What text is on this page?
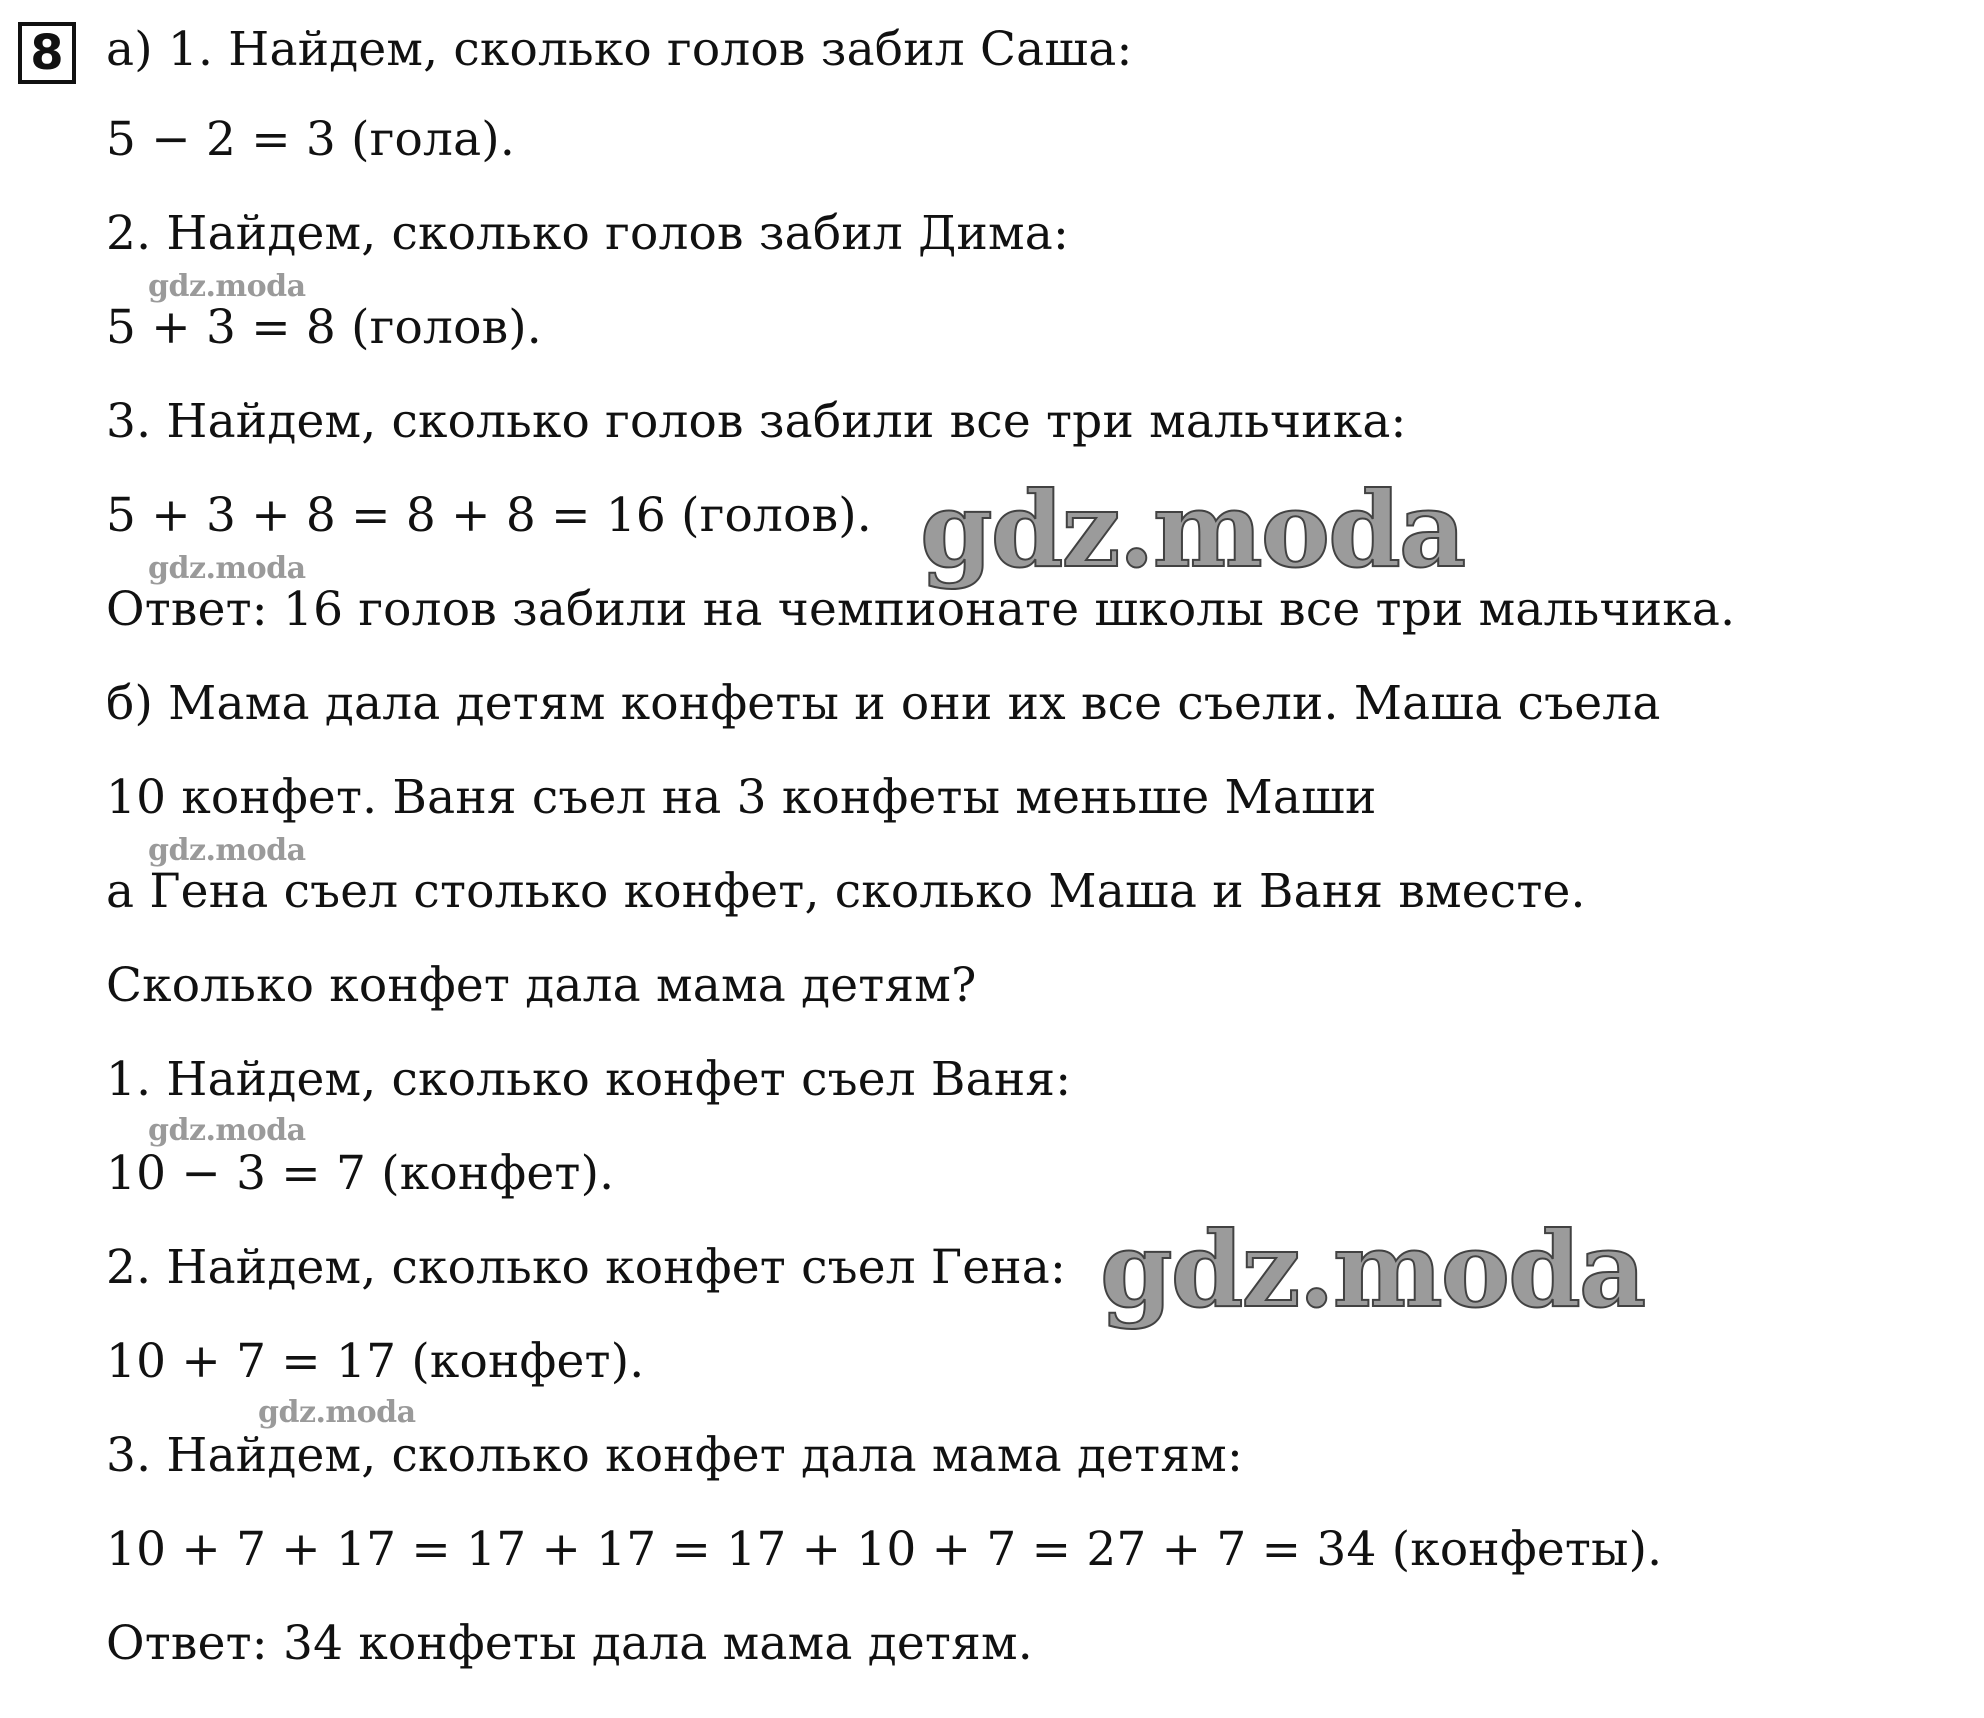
8 а) 1. Найдем, сколько голов забил Саша:
5 − 2 = 3 (гола).
2. Найдем, сколько голов забил Дима:
5 + 3 = 8 (голов).
3. Найдем, сколько голов забили все три мальчика:
5 + 3 + 8 = 8 + 8 = 16 (голов).
Ответ: 16 голов забили на чемпионате школы все три мальчика.
б) Мама дала детям конфеты и они их все съели. Маша съела
10 конфет. Ваня съел на 3 конфеты меньше Маши
а Гена съел столько конфет, сколько Маша и Ваня вместе.
Сколько конфет дала мама детям?
1. Найдем, сколько конфет съел Ваня:
10 − 3 = 7 (конфет).
2. Найдем, сколько конфет съел Гена:
10 + 7 = 17 (конфет).
3. Найдем, сколько конфет дала мама детям:
10 + 7 + 17 = 17 + 17 = 17 + 10 + 7 = 27 + 7 = 34 (конфеты).
Ответ: 34 конфеты дала мама детям.
gdz.moda
gdz.moda
gdz.moda
gdz.moda
gdz.moda
gdz.moda
gdz.moda
